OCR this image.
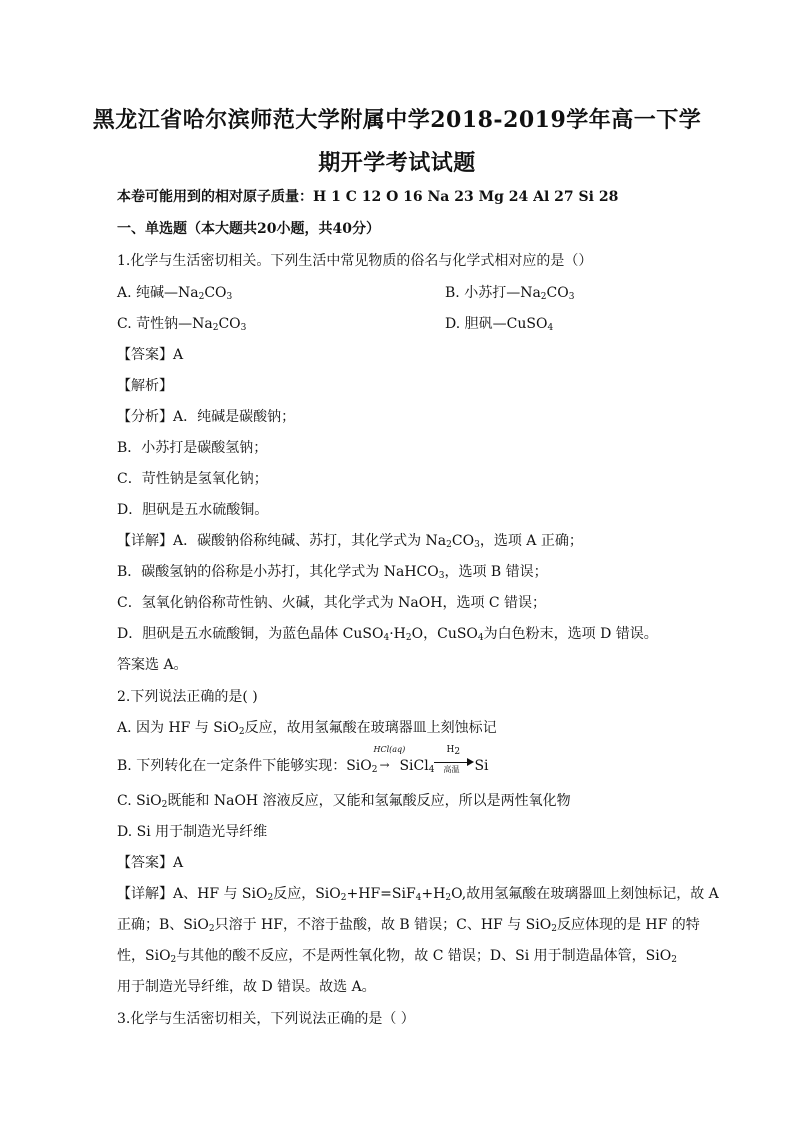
黑龙江省哈尔滨师范大学附属中学2018-2019学年高一下学
期开学考试试题
本卷可能用到的相对原子质量：H 1 C 12 O 16 Na 23 Mg 24 Al 27 Si 28
一、单选题（本大题共20小题，共40分）
1.化学与生活密切相关。下列生活中常见物质的俗名与化学式相对应的是（）
A. 纯碱$—Na_2CO_3$	B. 小苏打$—Na_2CO_3$
C. 苛性钠$—Na_2CO_3$	D. 胆矾—CuSO$_4$
【答案】A
【解析】
【分析】A．纯碱是碳酸钠；
B．小苏打是碳酸氢钠；
C．苛性钠是氢氧化钠；
D．胆矾是五水硫酸铜。
【详解】A．碳酸钠俗称纯碱、苏打，其化学式为 $Na_2CO_3$，选项 A 正确；
B．碳酸氢钠的俗称是小苏打，其化学式为 NaHCO$_3$，选项 B 错误；
C．氢氧化钠俗称苛性钠、火碱，其化学式为 NaOH，选项 C 错误；
D．胆矾是五水硫酸铜，为蓝色晶体 $CuSO_4\cdot H_2O$，CuSO$_4$为白色粉末，选项 D 错误。
答案选 A。
2.下列说法正确的是( )
A. 因为 HF 与 SiO$_2$反应，故用氢氟酸在玻璃器皿上刻蚀标记
B. 下列转化在一定条件下能够实现：SiO$_2$
HCl(aq)
→ SiCl$_4$
$H_2$
高温 Si
C. SiO$_2$既能和 NaOH 溶液反应，又能和氢氟酸反应，所以是两性氧化物
D. Si 用于制造光导纤维
【答案】A
【详解】A、HF 与 SiO$_2$反应，$SiO_2+HF=SiF_4+H_2O$,故用氢氟酸在玻璃器皿上刻蚀标记，故 A
正确；B、SiO$_2$只溶于 HF，不溶于盐酸，故 B 错误；C、HF 与 SiO$_2$反应体现的是 HF 的特
性，SiO$_2$与其他的酸不反应，不是两性氧化物，故 C 错误；D、Si 用于制造晶体管，SiO$_2$
用于制造光导纤维，故 D 错误。故选 A。
3.化学与生活密切相关，下列说法正确的是（ ）
